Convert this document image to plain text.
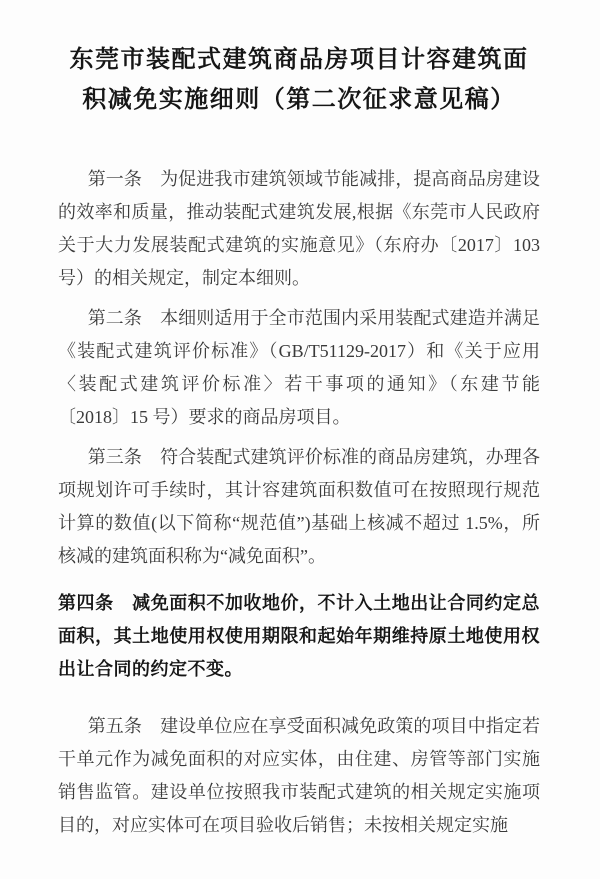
东莞市装配式建筑商品房项目计容建筑面
积减免实施细则（第二次征求意见稿）

第一条　为促进我市建筑领域节能减排，提高商品房建设的效率和质量，推动装配式建筑发展,根据《东莞市人民政府关于大力发展装配式建筑的实施意见》（东府办〔2017〕103 号）的相关规定，制定本细则。

第二条　本细则适用于全市范围内采用装配式建造并满足《装配式建筑评价标准》（GB/T51129-2017）和《关于应用〈装配式建筑评价标准〉若干事项的通知》（东建节能〔2018〕15 号）要求的商品房项目。

第三条　符合装配式建筑评价标准的商品房建筑，办理各项规划许可手续时，其计容建筑面积数值可在按照现行规范计算的数值(以下简称“规范值”)基础上核减不超过 1.5%，所核减的建筑面积称为“减免面积”。

第四条　减免面积不加收地价，不计入土地出让合同约定总面积，其土地使用权使用期限和起始年期维持原土地使用权出让合同的约定不变。

第五条　建设单位应在享受面积减免政策的项目中指定若干单元作为减免面积的对应实体，由住建、房管等部门实施销售监管。建设单位按照我市装配式建筑的相关规定实施项目的，对应实体可在项目验收后销售；未按相关规定实施
